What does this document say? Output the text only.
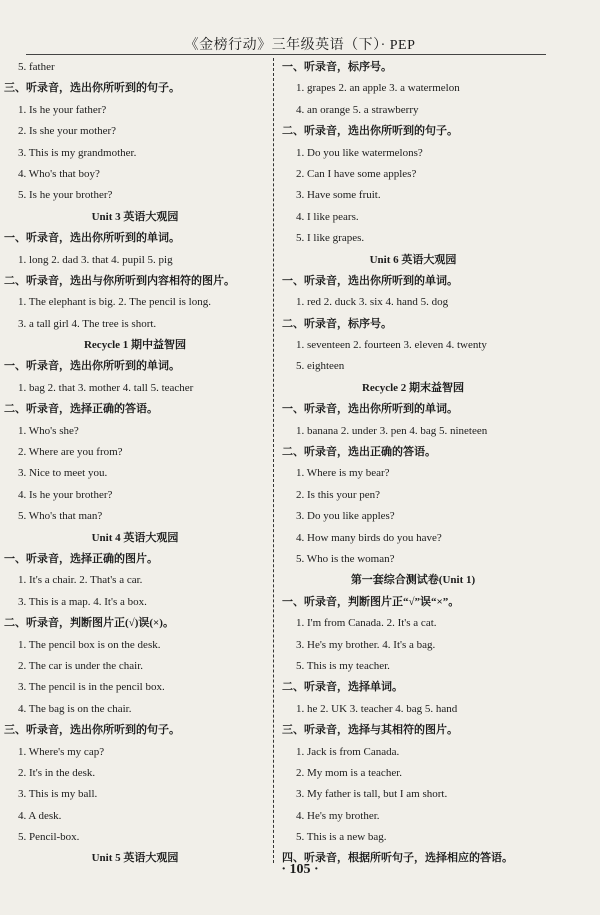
《金榜行动》三年级英语（下）· PEP
5. father
三、听录音，选出你所听到的句子。
1. Is he your father?
2. Is she your mother?
3. This is my grandmother.
4. Who's that boy?
5. Is he your brother?
Unit 3 英语大观园
一、听录音，选出你所听到的单词。
1. long 2. dad 3. that 4. pupil 5. pig
二、听录音，选出与你所听到内容相符的图片。
1. The elephant is big. 2. The pencil is long.
3. a tall girl 4. The tree is short.
Recycle 1 期中益智园
一、听录音，选出你所听到的单词。
1. bag 2. that 3. mother 4. tall 5. teacher
二、听录音，选择正确的答语。
1. Who's she?
2. Where are you from?
3. Nice to meet you.
4. Is he your brother?
5. Who's that man?
Unit 4 英语大观园
一、听录音，选择正确的图片。
1. It's a chair. 2. That's a car.
3. This is a map. 4. It's a box.
二、听录音，判断图片正(√)误(×)。
1. The pencil box is on the desk.
2. The car is under the chair.
3. The pencil is in the pencil box.
4. The bag is on the chair.
三、听录音，选出你所听到的句子。
1. Where's my cap?
2. It's in the desk.
3. This is my ball.
4. A desk.
5. Pencil-box.
Unit 5 英语大观园
一、听录音，标序号。
1. grapes 2. an apple 3. a watermelon
4. an orange 5. a strawberry
二、听录音，选出你所听到的句子。
1. Do you like watermelons?
2. Can I have some apples?
3. Have some fruit.
4. I like pears.
5. I like grapes.
Unit 6 英语大观园
一、听录音，选出你所听到的单词。
1. red 2. duck 3. six 4. hand 5. dog
二、听录音，标序号。
1. seventeen 2. fourteen 3. eleven 4. twenty
5. eighteen
Recycle 2 期末益智园
一、听录音，选出你所听到的单词。
1. banana 2. under 3. pen 4. bag 5. nineteen
二、听录音，选出正确的答语。
1. Where is my bear?
2. Is this your pen?
3. Do you like apples?
4. How many birds do you have?
5. Who is the woman?
第一套综合测试卷(Unit 1)
一、听录音，判断图片正“√”误“×”。
1. I'm from Canada. 2. It's a cat.
3. He's my brother. 4. It's a bag.
5. This is my teacher.
二、听录音，选择单词。
1. he 2. UK 3. teacher 4. bag 5. hand
三、听录音，选择与其相符的图片。
1. Jack is from Canada.
2. My mom is a teacher.
3. My father is tall, but I am short.
4. He's my brother.
5. This is a new bag.
四、听录音，根据所听句子，选择相应的答语。
· 105 ·
